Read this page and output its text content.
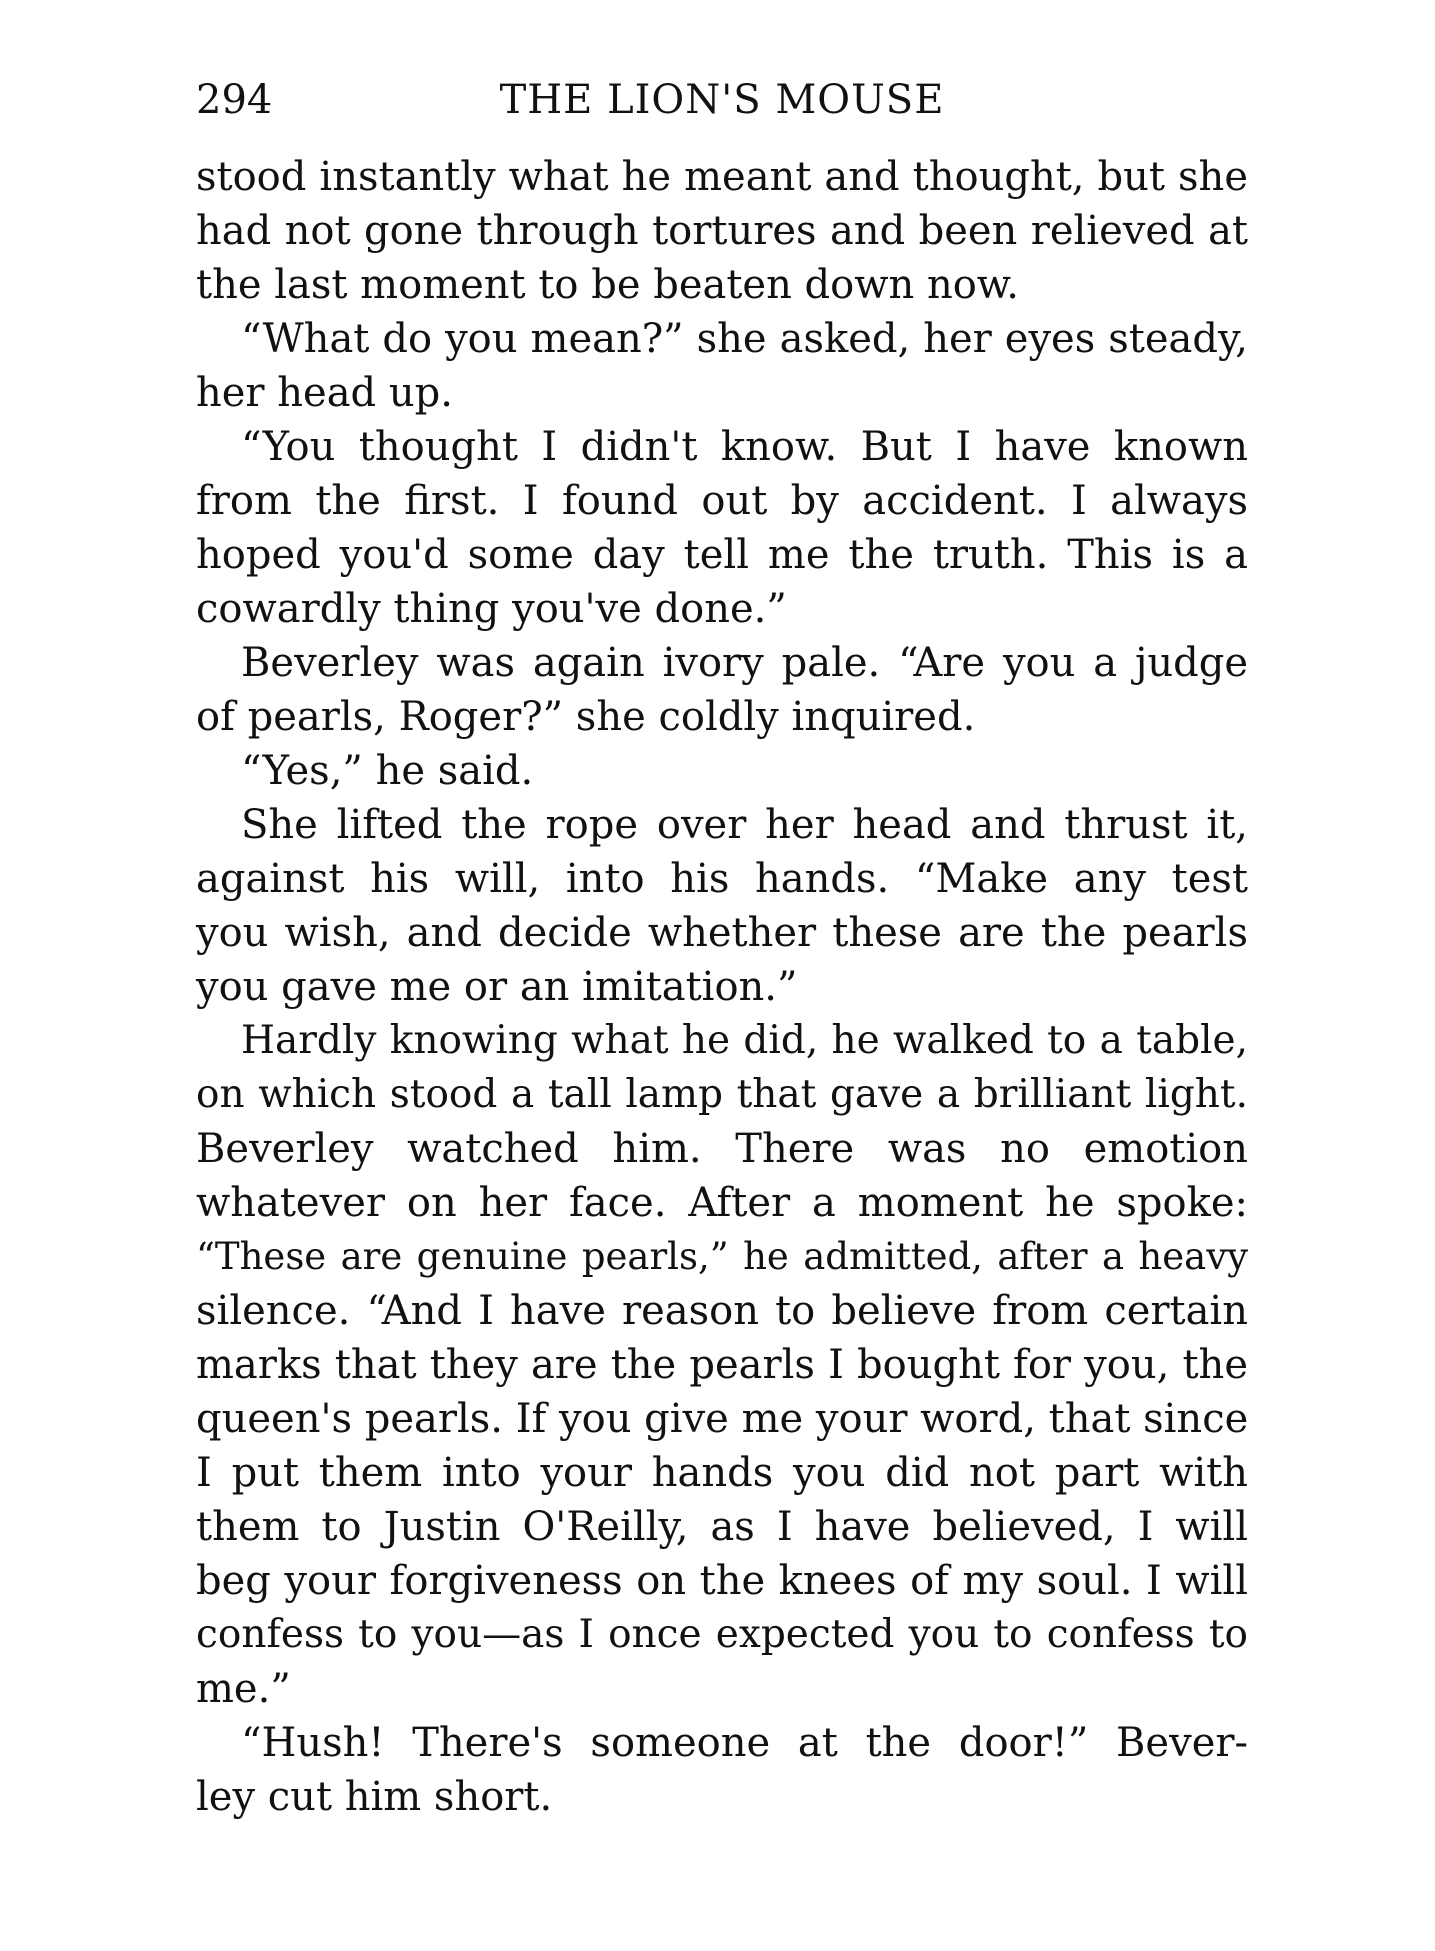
294	THE LION'S MOUSE
stood instantly what he meant and thought, but she
had not gone through tortures and been relieved at
the last moment to be beaten down now.
“What do you mean?” she asked, her eyes steady,
her head up.
“You thought I didn't know. But I have known
from the first. I found out by accident. I always
hoped you'd some day tell me the truth. This is a
cowardly thing you've done.”
Beverley was again ivory pale. “Are you a judge
of pearls, Roger?” she coldly inquired.
“Yes,” he said.
She lifted the rope over her head and thrust it,
against his will, into his hands. “Make any test
you wish, and decide whether these are the pearls
you gave me or an imitation.”
Hardly knowing what he did, he walked to a table,
on which stood a tall lamp that gave a brilliant light.
Beverley watched him. There was no emotion
whatever on her face. After a moment he spoke:
“These are genuine pearls,” he admitted, after a heavy
silence. “And I have reason to believe from certain
marks that they are the pearls I bought for you, the
queen's pearls. If you give me your word, that since
I put them into your hands you did not part with
them to Justin O'Reilly, as I have believed, I will
beg your forgiveness on the knees of my soul. I will
confess to you—as I once expected you to confess to
me.”
“Hush! There's someone at the door!” Bever-
ley cut him short.
